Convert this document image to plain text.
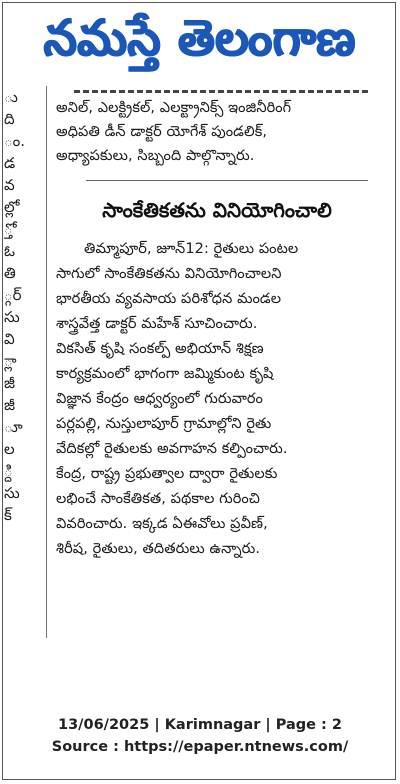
నమస్తే తెలంగాణ
ు
ది
ం.
డ
వ
ల్లో
్తో
ఓ
తి
్గర్
సు
వి
్లా
జీ
జీ
ూ
ల
్ధి
సు
క్
అనిల్, ఎలక్ట్రికల్, ఎలక్ట్రానిక్స్ ఇంజినీరింగ్
అధిపతి డీన్ డాక్టర్ యోగేశ్ పుండలిక్,
అధ్యాపకులు, సిబ్బంది పాల్గొన్నారు.
సాంకేతికతను వినియోగించాలి
తిమ్మాపూర్, జూన్12: రైతులు పంటల
సాగులో సాంకేతికతను వినియోగించాలని
భారతీయ వ్యవసాయ పరిశోధన మండల
శాస్త్రవేత్త డాక్టర్ మహేశ్ సూచించారు.
వికసిత్ కృషి సంకల్ప్ అభియాన్ శిక్షణ
కార్యక్రమంలో భాగంగా జమ్మికుంట కృషి
విజ్ఞాన కేంద్రం ఆధ్వర్యంలో గురువారం
పర్లపల్లి, నుస్తులాపూర్ గ్రామాల్లోని రైతు
వేదికల్లో రైతులకు అవగాహన కల్పించారు.
కేంద్ర, రాష్ట్ర ప్రభుత్వాల ద్వారా రైతులకు
లభించే సాంకేతికత, పథకాల గురించి
వివరించారు. ఇక్కడ ఏఈవోలు ప్రవీణ్,
శిరీష, రైతులు, తదితరులు ఉన్నారు.
13/06/2025 | Karimnagar | Page : 2
Source : https://epaper.ntnews.com/
